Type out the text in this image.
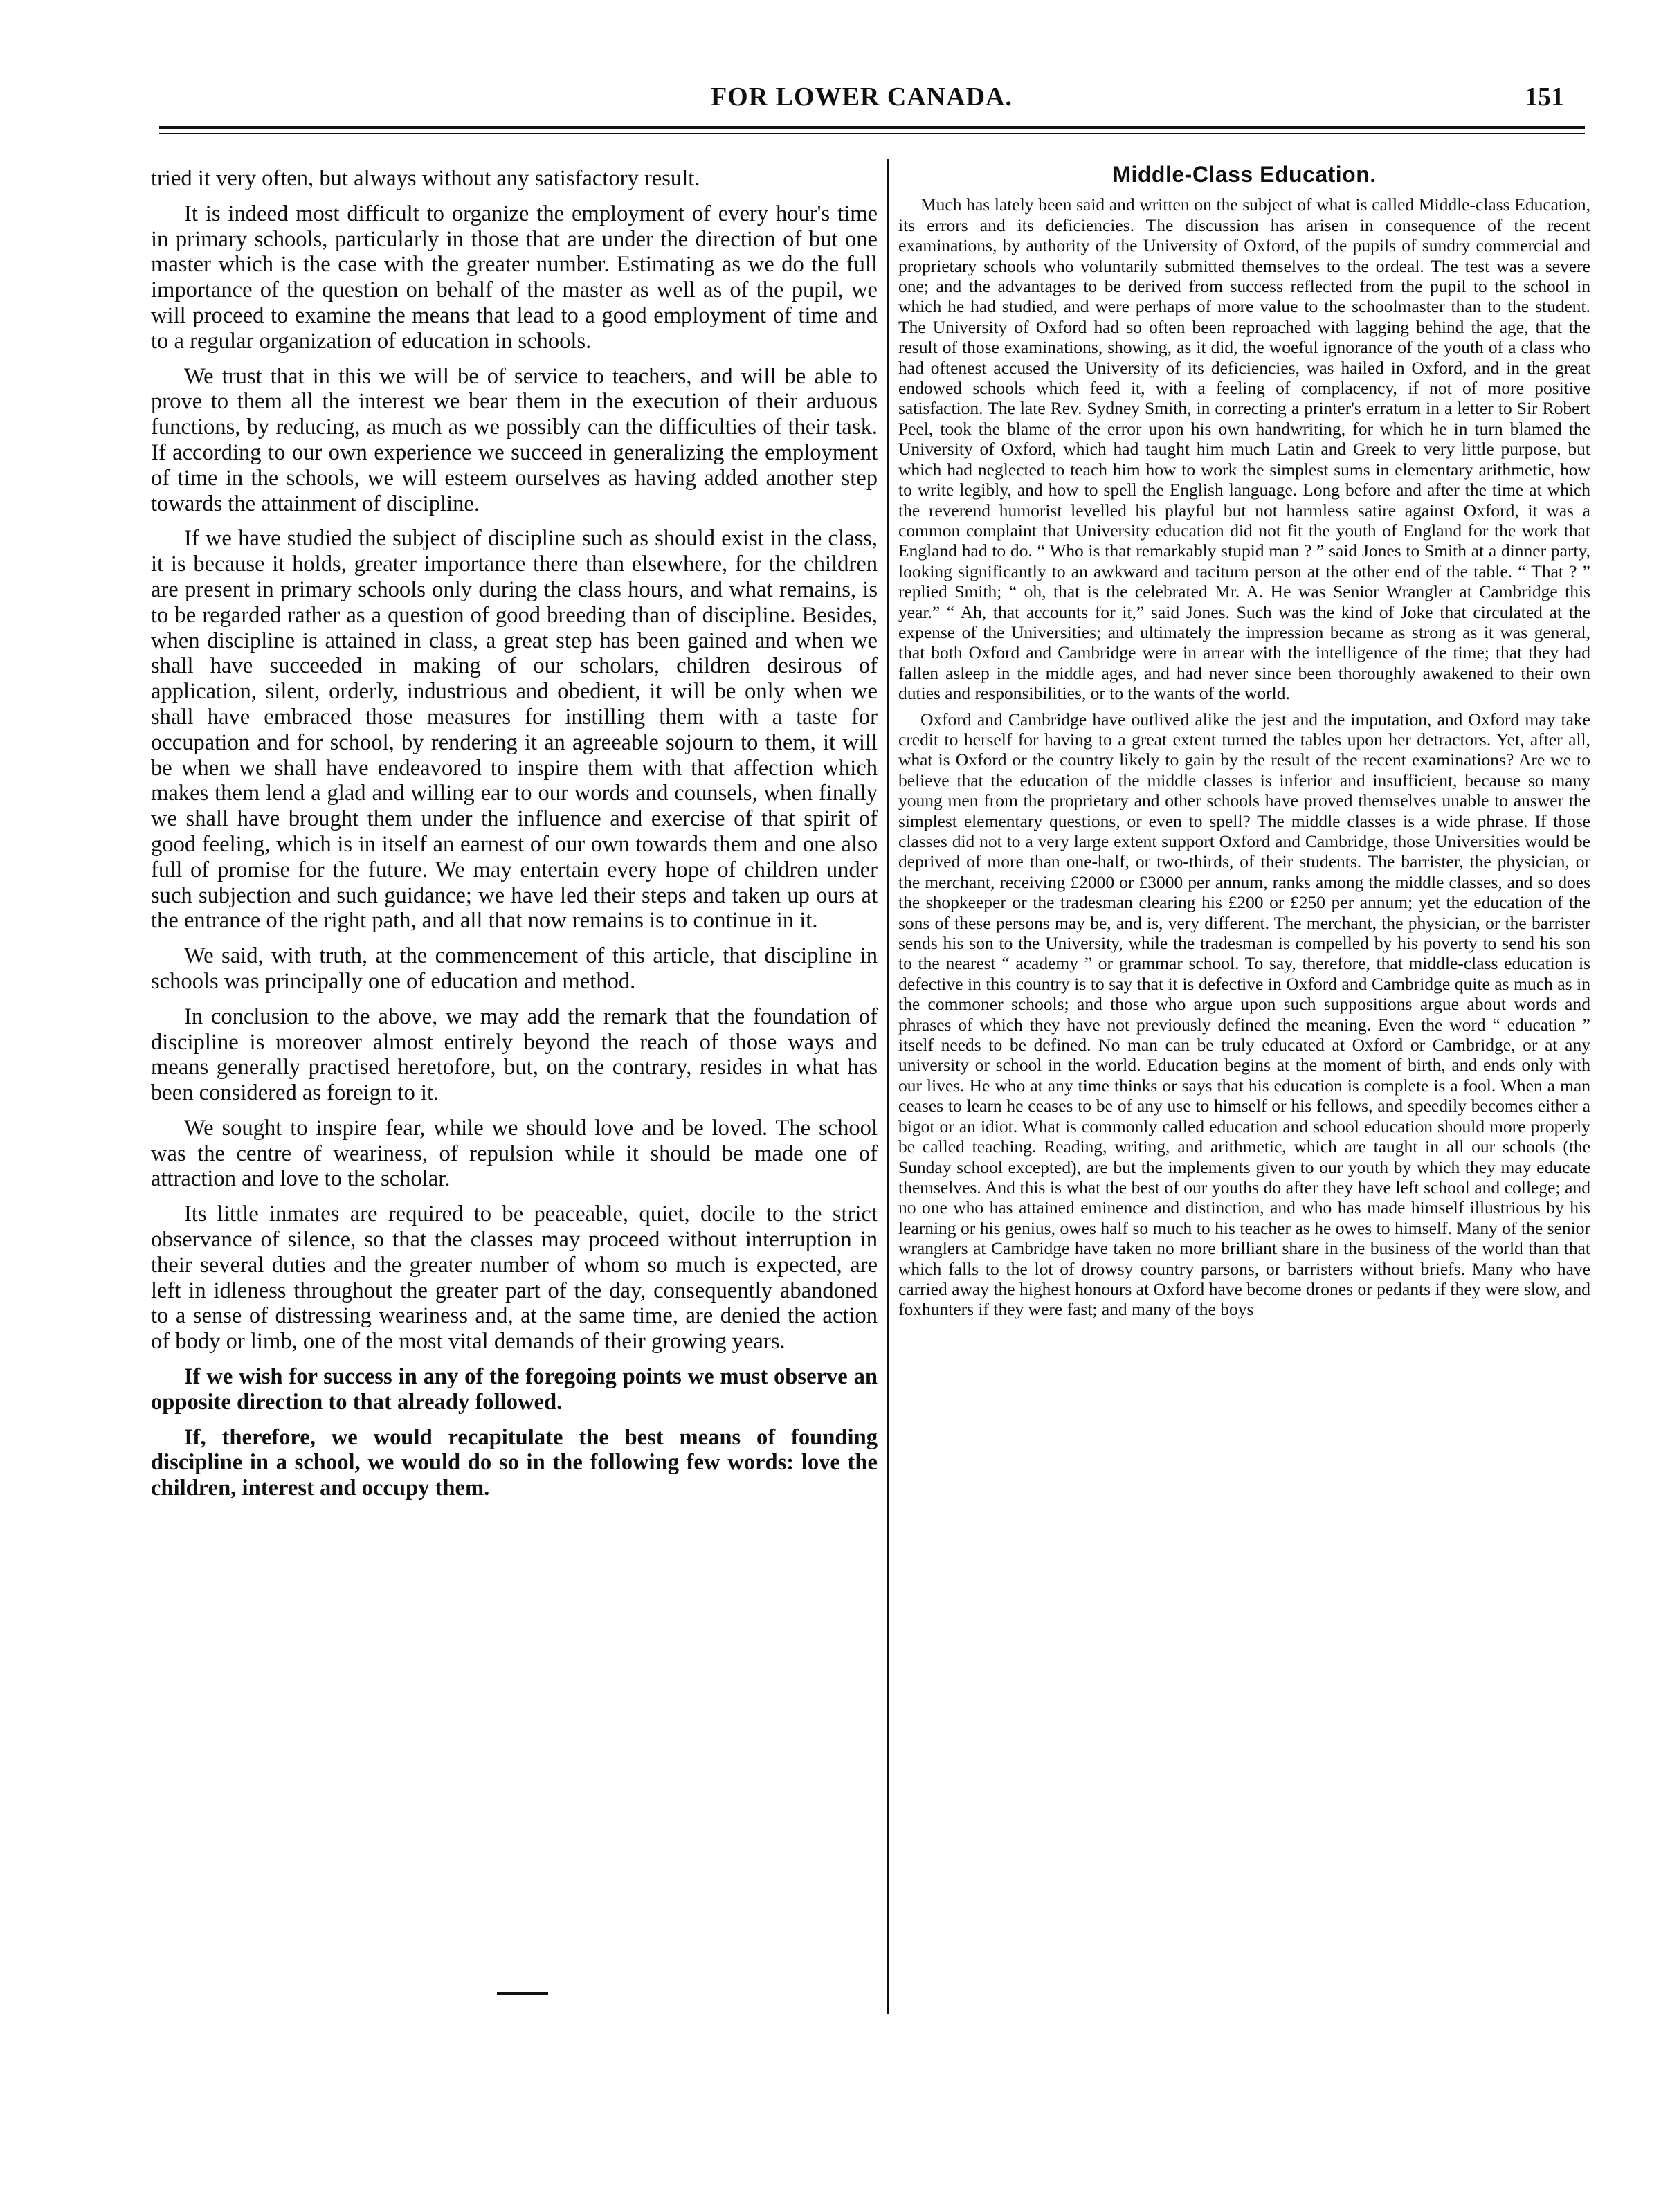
FOR LOWER CANADA.	151

tried it very often, but always without any satisfactory result.

It is indeed most difficult to organize the employment of every hour's time in primary schools, particularly in those that are under the direction of but one master which is the case with the greater number. Estimating as we do the full importance of the question on behalf of the master as well as of the pupil, we will proceed to examine the means that lead to a good employment of time and to a regular organization of education in schools.

We trust that in this we will be of service to teachers, and will be able to prove to them all the interest we bear them in the execution of their arduous functions, by reducing, as much as we possibly can the difficulties of their task. If according to our own experience we succeed in generalizing the employment of time in the schools, we will esteem ourselves as having added another step towards the attainment of discipline.

If we have studied the subject of discipline such as should exist in the class, it is because it holds, greater importance there than elsewhere, for the children are present in primary schools only during the class hours, and what remains, is to be regarded rather as a question of good breeding than of discipline. Besides, when discipline is attained in class, a great step has been gained and when we shall have succeeded in making of our scholars, children desirous of application, silent, orderly, industrious and obedient, it will be only when we shall have embraced those measures for instilling them with a taste for occupation and for school, by rendering it an agreeable sojourn to them, it will be when we shall have endeavored to inspire them with that affection which makes them lend a glad and willing ear to our words and counsels, when finally we shall have brought them under the influence and exercise of that spirit of good feeling, which is in itself an earnest of our own towards them and one also full of promise for the future. We may entertain every hope of children under such subjection and such guidance; we have led their steps and taken up ours at the entrance of the right path, and all that now remains is to continue in it.

We said, with truth, at the commencement of this article, that discipline in schools was principally one of education and method.

In conclusion to the above, we may add the remark that the foundation of discipline is moreover almost entirely beyond the reach of those ways and means generally practised heretofore, but, on the contrary, resides in what has been considered as foreign to it.

We sought to inspire fear, while we should love and be loved. The school was the centre of weariness, of repulsion while it should be made one of attraction and love to the scholar.

Its little inmates are required to be peaceable, quiet, docile to the strict observance of silence, so that the classes may proceed without interruption in their several duties and the greater number of whom so much is expected, are left in idleness throughout the greater part of the day, consequently abandoned to a sense of distressing weariness and, at the same time, are denied the action of body or limb, one of the most vital demands of their growing years.

If we wish for success in any of the foregoing points we must observe an opposite direction to that already followed.

If, therefore, we would recapitulate the best means of founding discipline in a school, we would do so in the following few words: love the children, interest and occupy them.

Middle-Class Education.

Much has lately been said and written on the subject of what is called Middle-class Education, its errors and its deficiencies. The discussion has arisen in consequence of the recent examinations, by authority of the University of Oxford, of the pupils of sundry commercial and proprietary schools who voluntarily submitted themselves to the ordeal. The test was a severe one; and the advantages to be derived from success reflected from the pupil to the school in which he had studied, and were perhaps of more value to the schoolmaster than to the student. The University of Oxford had so often been reproached with lagging behind the age, that the result of those examinations, showing, as it did, the woeful ignorance of the youth of a class who had oftenest accused the University of its deficiencies, was hailed in Oxford, and in the great endowed schools which feed it, with a feeling of complacency, if not of more positive satisfaction. The late Rev. Sydney Smith, in correcting a printer's erratum in a letter to Sir Robert Peel, took the blame of the error upon his own handwriting, for which he in turn blamed the University of Oxford, which had taught him much Latin and Greek to very little purpose, but which had neglected to teach him how to work the simplest sums in elementary arithmetic, how to write legibly, and how to spell the English language. Long before and after the time at which the reverend humorist levelled his playful but not harmless satire against Oxford, it was a common complaint that University education did not fit the youth of England for the work that England had to do. “ Who is that remarkably stupid man ? ” said Jones to Smith at a dinner party, looking significantly to an awkward and taciturn person at the other end of the table. “ That ? ” replied Smith; “ oh, that is the celebrated Mr. A. He was Senior Wrangler at Cambridge this year.” “ Ah, that accounts for it,” said Jones. Such was the kind of Joke that circulated at the expense of the Universities; and ultimately the impression became as strong as it was general, that both Oxford and Cambridge were in arrear with the intelligence of the time; that they had fallen asleep in the middle ages, and had never since been thoroughly awakened to their own duties and responsibilities, or to the wants of the world.

Oxford and Cambridge have outlived alike the jest and the imputation, and Oxford may take credit to herself for having to a great extent turned the tables upon her detractors. Yet, after all, what is Oxford or the country likely to gain by the result of the recent examinations? Are we to believe that the education of the middle classes is inferior and insufficient, because so many young men from the proprietary and other schools have proved themselves unable to answer the simplest elementary questions, or even to spell? The middle classes is a wide phrase. If those classes did not to a very large extent support Oxford and Cambridge, those Universities would be deprived of more than one-half, or two-thirds, of their students. The barrister, the physician, or the merchant, receiving £2000 or £3000 per annum, ranks among the middle classes, and so does the shopkeeper or the tradesman clearing his £200 or £250 per annum; yet the education of the sons of these persons may be, and is, very different. The merchant, the physician, or the barrister sends his son to the University, while the tradesman is compelled by his poverty to send his son to the nearest “ academy ” or grammar school. To say, therefore, that middle-class education is defective in this country is to say that it is defective in Oxford and Cambridge quite as much as in the commoner schools; and those who argue upon such suppositions argue about words and phrases of which they have not previously defined the meaning. Even the word “ education ” itself needs to be defined. No man can be truly educated at Oxford or Cambridge, or at any university or school in the world. Education begins at the moment of birth, and ends only with our lives. He who at any time thinks or says that his education is complete is a fool. When a man ceases to learn he ceases to be of any use to himself or his fellows, and speedily becomes either a bigot or an idiot. What is commonly called education and school education should more properly be called teaching. Reading, writing, and arithmetic, which are taught in all our schools (the Sunday school excepted), are but the implements given to our youth by which they may educate themselves. And this is what the best of our youths do after they have left school and college; and no one who has attained eminence and distinction, and who has made himself illustrious by his learning or his genius, owes half so much to his teacher as he owes to himself. Many of the senior wranglers at Cambridge have taken no more brilliant share in the business of the world than that which falls to the lot of drowsy country parsons, or barristers without briefs. Many who have carried away the highest honours at Oxford have become drones or pedants if they were slow, and foxhunters if they were fast; and many of the boys
